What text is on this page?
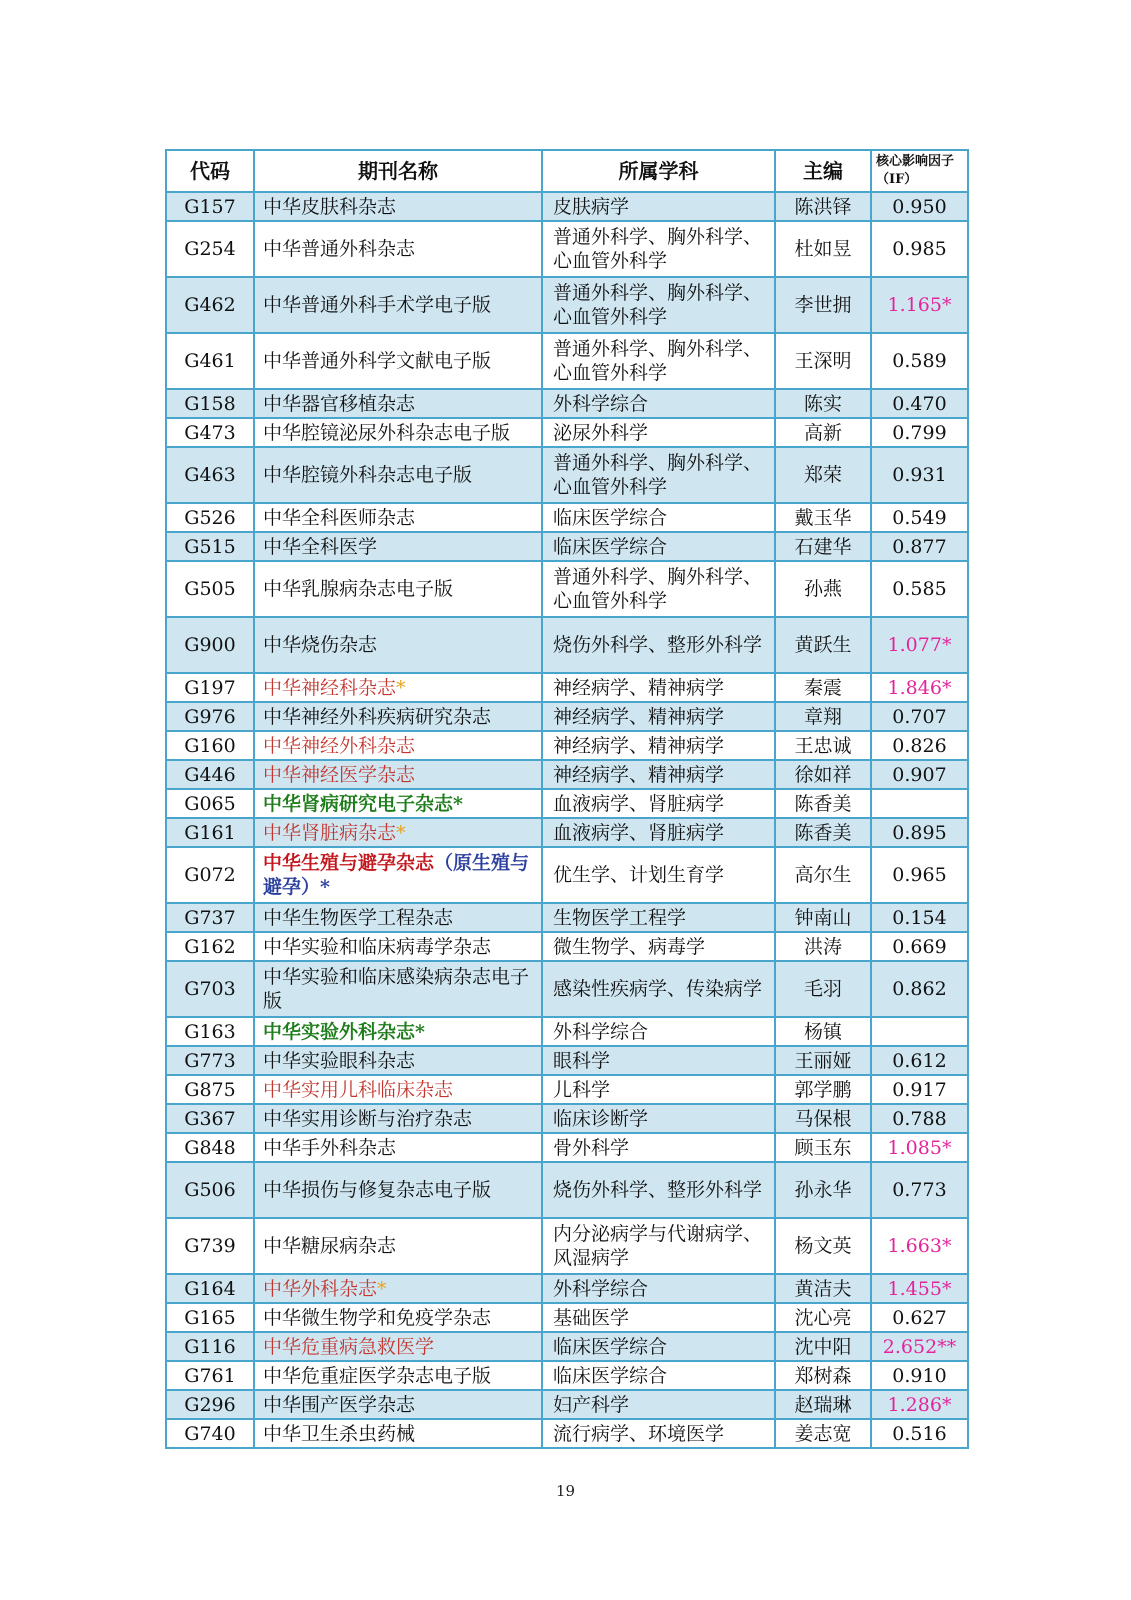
代码	期刊名称	所属学科	主编	核心影响因子（IF）
G157	中华皮肤科杂志	皮肤病学	陈洪铎	0.950
G254	中华普通外科杂志	普通外科学、胸外科学、心血管外科学	杜如昱	0.985
G462	中华普通外科手术学电子版	普通外科学、胸外科学、心血管外科学	李世拥	1.165*
G461	中华普通外科学文献电子版	普通外科学、胸外科学、心血管外科学	王深明	0.589
G158	中华器官移植杂志	外科学综合	陈实	0.470
G473	中华腔镜泌尿外科杂志电子版	泌尿外科学	高新	0.799
G463	中华腔镜外科杂志电子版	普通外科学、胸外科学、心血管外科学	郑荣	0.931
G526	中华全科医师杂志	临床医学综合	戴玉华	0.549
G515	中华全科医学	临床医学综合	石建华	0.877
G505	中华乳腺病杂志电子版	普通外科学、胸外科学、心血管外科学	孙燕	0.585
G900	中华烧伤杂志	烧伤外科学、整形外科学	黄跃生	1.077*
G197	中华神经科杂志*	神经病学、精神病学	秦震	1.846*
G976	中华神经外科疾病研究杂志	神经病学、精神病学	章翔	0.707
G160	中华神经外科杂志	神经病学、精神病学	王忠诚	0.826
G446	中华神经医学杂志	神经病学、精神病学	徐如祥	0.907
G065	中华肾病研究电子杂志*	血液病学、肾脏病学	陈香美	
G161	中华肾脏病杂志*	血液病学、肾脏病学	陈香美	0.895
G072	中华生殖与避孕杂志（原生殖与避孕）*	优生学、计划生育学	高尔生	0.965
G737	中华生物医学工程杂志	生物医学工程学	钟南山	0.154
G162	中华实验和临床病毒学杂志	微生物学、病毒学	洪涛	0.669
G703	中华实验和临床感染病杂志电子版	感染性疾病学、传染病学	毛羽	0.862
G163	中华实验外科杂志*	外科学综合	杨镇	
G773	中华实验眼科杂志	眼科学	王丽娅	0.612
G875	中华实用儿科临床杂志	儿科学	郭学鹏	0.917
G367	中华实用诊断与治疗杂志	临床诊断学	马保根	0.788
G848	中华手外科杂志	骨外科学	顾玉东	1.085*
G506	中华损伤与修复杂志电子版	烧伤外科学、整形外科学	孙永华	0.773
G739	中华糖尿病杂志	内分泌病学与代谢病学、风湿病学	杨文英	1.663*
G164	中华外科杂志*	外科学综合	黄洁夫	1.455*
G165	中华微生物学和免疫学杂志	基础医学	沈心亮	0.627
G116	中华危重病急救医学	临床医学综合	沈中阳	2.652**
G761	中华危重症医学杂志电子版	临床医学综合	郑树森	0.910
G296	中华围产医学杂志	妇产科学	赵瑞琳	1.286*
G740	中华卫生杀虫药械	流行病学、环境医学	姜志宽	0.516
19
